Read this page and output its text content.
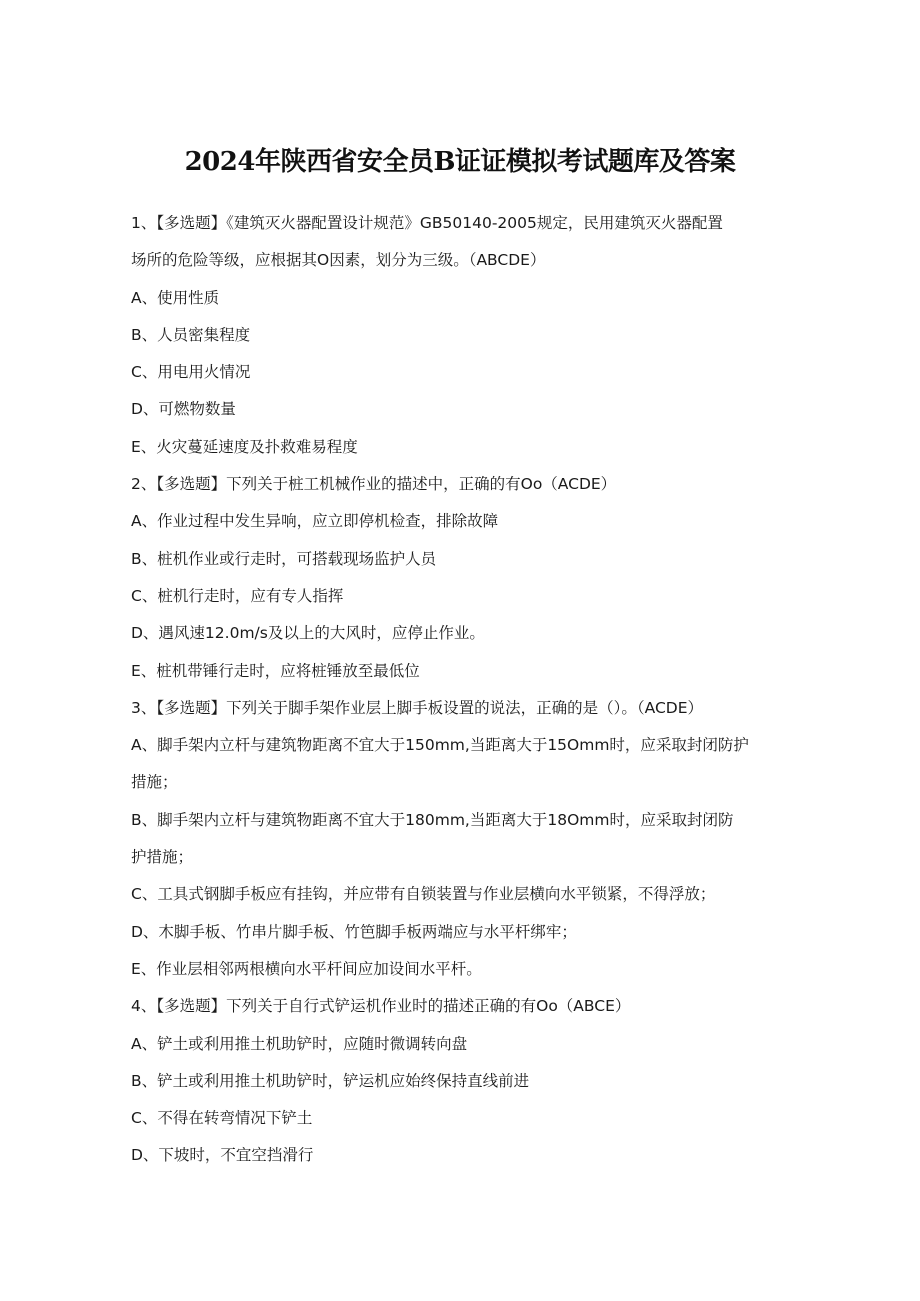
2024年陕西省安全员B证证模拟考试题库及答案
1、【多选题】《建筑灭火器配置设计规范》GB50140-2005规定，民用建筑灭火器配置
场所的危险等级，应根据其O因素，划分为三级。（ABCDE）
A、使用性质
B、人员密集程度
C、用电用火情况
D、可燃物数量
E、火灾蔓延速度及扑救难易程度
2、【多选题】下列关于桩工机械作业的描述中，正确的有Oo（ACDE）
A、作业过程中发生异响，应立即停机检查，排除故障
B、桩机作业或行走时，可搭载现场监护人员
C、桩机行走时，应有专人指挥
D、遇风速12.0m∕s及以上的大风时，应停止作业。
E、桩机带锤行走时，应将桩锤放至最低位
3、【多选题】下列关于脚手架作业层上脚手板设置的说法，正确的是（）。（ACDE）
A、脚手架内立杆与建筑物距离不宜大于150mm,当距离大于15Omm时，应采取封闭防护
措施；
B、脚手架内立杆与建筑物距离不宜大于180mm,当距离大于18Omm时，应采取封闭防
护措施；
C、工具式钢脚手板应有挂钩，并应带有自锁装置与作业层横向水平锁紧，不得浮放；
D、木脚手板、竹串片脚手板、竹笆脚手板两端应与水平杆绑牢；
E、作业层相邻两根横向水平杆间应加设间水平杆。
4、【多选题】下列关于自行式铲运机作业时的描述正确的有Oo（ABCE）
A、铲土或利用推土机助铲时，应随时微调转向盘
B、铲土或利用推土机助铲时，铲运机应始终保持直线前进
C、不得在转弯情况下铲土
D、下坡时，不宜空挡滑行
